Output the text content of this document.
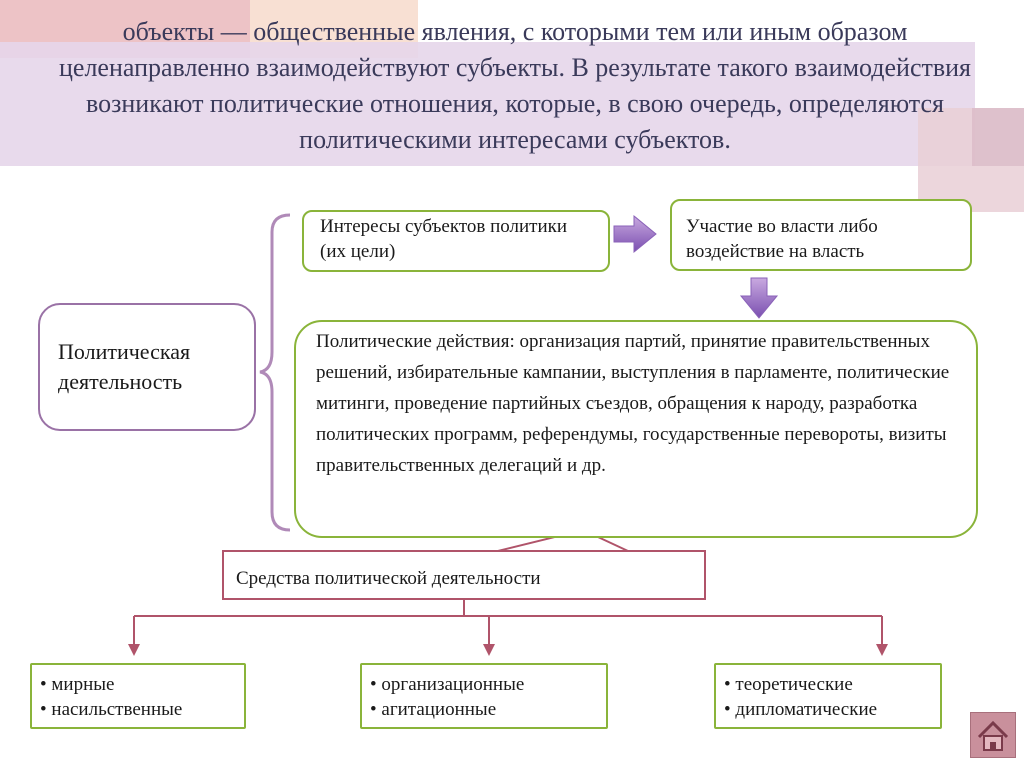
объекты — общественные явления, с которыми тем или иным образом целенаправленно взаимодействуют субъекты. В результате такого взаимодействия возникают политические отношения, которые, в свою очередь, определяются политическими интересами субъектов.

Политическая деятельность
Интересы субъектов политики (их цели)
Участие во власти либо воздействие на власть
Политические действия: организация партий, принятие правительственных решений, избирательные кампании, выступления в парламенте, политические митинги, проведение партийных съездов, обращения к народу, разработка политических программ, референдумы, государственные перевороты, визиты правительственных делегаций и др.
Средства политической деятельности
• мирные
• насильственные
• организационные
• агитационные
• теоретические
• дипломатические
